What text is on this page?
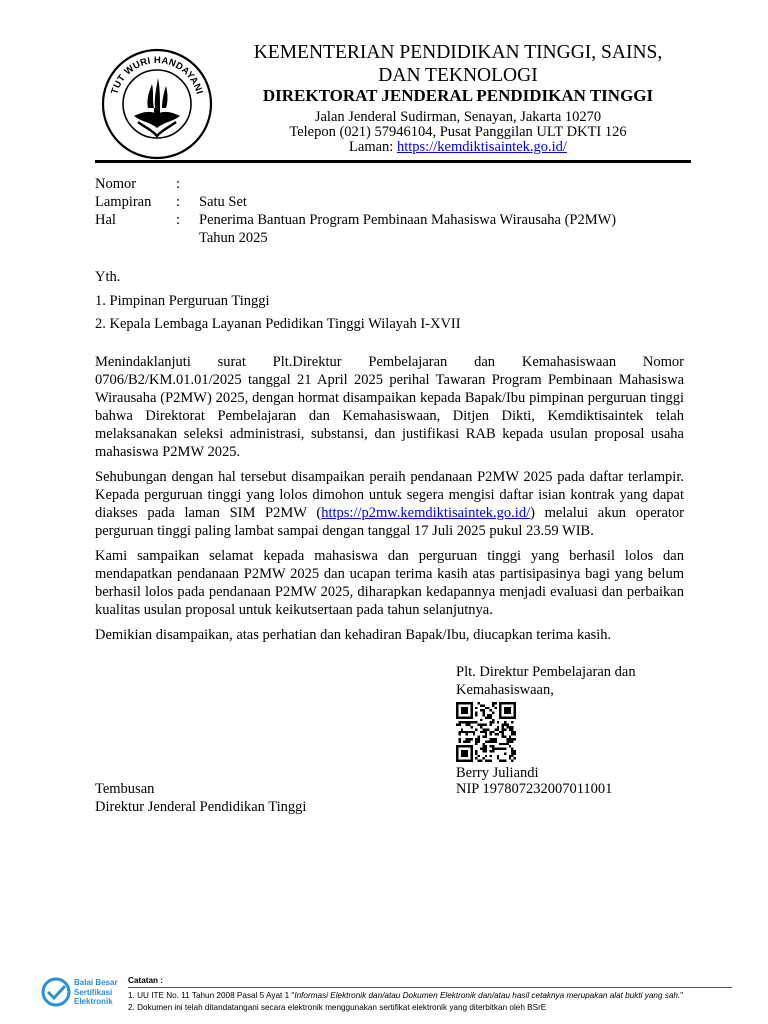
TUT WURI HANDAYANI
KEMENTERIAN PENDIDIKAN TINGGI, SAINS,
DAN TEKNOLOGI
DIREKTORAT JENDERAL PENDIDIKAN TINGGI
Jalan Jenderal Sudirman, Senayan, Jakarta 10270
Telepon (021) 57946104, Pusat Panggilan ULT DKTI 126
Laman: https://kemdiktisaintek.go.id/
Nomor	:
Lampiran : Satu Set
Hal	: Penerima Bantuan Program Pembinaan Mahasiswa Wirausaha (P2MW)
Tahun 2025
Yth.
1. Pimpinan Perguruan Tinggi
2. Kepala Lembaga Layanan Pedidikan Tinggi Wilayah I-XVII

Menindaklanjuti surat Plt.Direktur Pembelajaran dan Kemahasiswaan Nomor 0706/B2/KM.01.01/2025 tanggal 21 April 2025 perihal Tawaran Program Pembinaan Mahasiswa Wirausaha (P2MW) 2025, dengan hormat disampaikan kepada Bapak/Ibu pimpinan perguruan tinggi bahwa Direktorat Pembelajaran dan Kemahasiswaan, Ditjen Dikti, Kemdiktisaintek telah melaksanakan seleksi administrasi, substansi, dan justifikasi RAB kepada usulan proposal usaha mahasiswa P2MW 2025.

Sehubungan dengan hal tersebut disampaikan peraih pendanaan P2MW 2025 pada daftar terlampir. Kepada perguruan tinggi yang lolos dimohon untuk segera mengisi daftar isian kontrak yang dapat diakses pada laman SIM P2MW (https://p2mw.kemdiktisaintek.go.id/) melalui akun operator perguruan tinggi paling lambat sampai dengan tanggal 17 Juli 2025 pukul 23.59 WIB.

Kami sampaikan selamat kepada mahasiswa dan perguruan tinggi yang berhasil lolos dan mendapatkan pendanaan P2MW 2025 dan ucapan terima kasih atas partisipasinya bagi yang belum berhasil lolos pada pendanaan P2MW 2025, diharapkan kedapannya menjadi evaluasi dan perbaikan kualitas usulan proposal untuk keikutsertaan pada tahun selanjutnya.

Demikian disampaikan, atas perhatian dan kehadiran Bapak/Ibu, diucapkan terima kasih.

Plt. Direktur Pembelajaran dan
Kemahasiswaan,
Berry Juliandi
NIP 197807232007011001
Tembusan
Direktur Jenderal Pendidikan Tinggi
Balai Besar
Sertifikasi
Elektronik
Catatan :
1. UU ITE No. 11 Tahun 2008 Pasal 5 Ayat 1 "Informasi Elektronik dan/atau Dokumen Elektronik dan/atau hasil cetaknya merupakan alat bukti yang sah."
2. Dokumen ini telah ditandatangani secara elektronik menggunakan sertifikat elektronik yang diterbitkan oleh BSrE
